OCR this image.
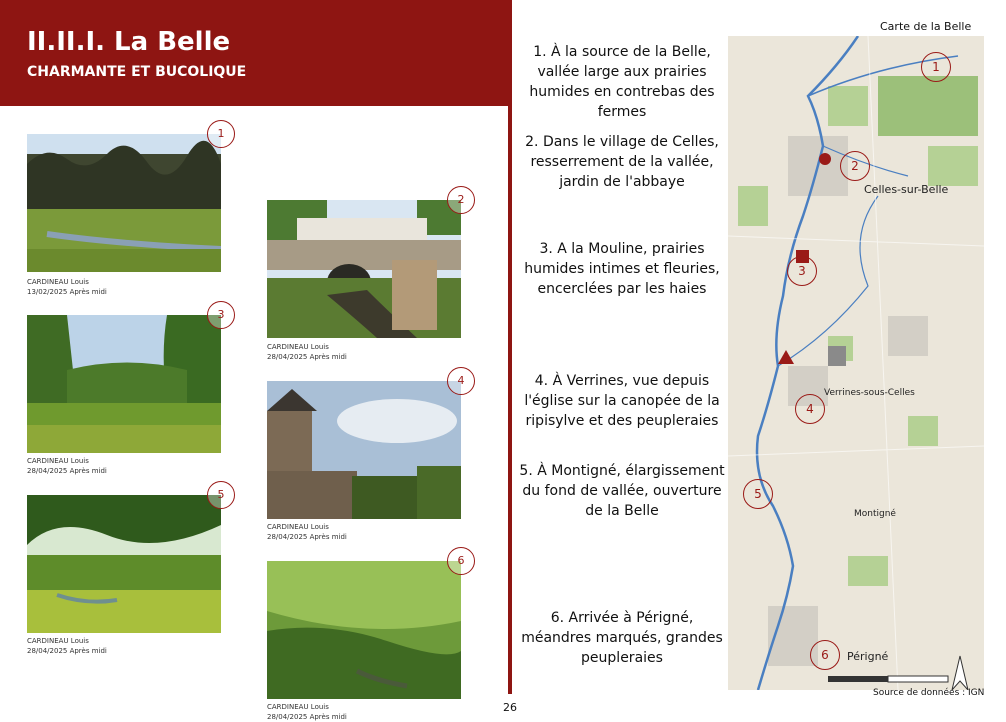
II.II.I. La Belle
CHARMANTE ET BUCOLIQUE
1
CARDINEAU Louis
13/02/2025 Après midi
2
CARDINEAU Louis
28/04/2025 Après midi
3
CARDINEAU Louis
28/04/2025 Après midi
4
CARDINEAU Louis
28/04/2025 Après midi
5
CARDINEAU Louis
28/04/2025 Après midi
6
CARDINEAU Louis
28/04/2025 Après midi
1. À la source de la Belle, vallée large aux prairies humides en contrebas des fermes
2. Dans le village de Celles, resserrement de la vallée, jardin de l'abbaye
3. A la Mouline, prairies humides intimes et fleuries, encerclées par les haies
4. À Verrines, vue depuis l'église sur la canopée de la ripisylve et des peupleraies
5. À Montigné, élargissement du fond de vallée, ouverture de la Belle
6. Arrivée à Périgné, méandres marqués, grandes peupleraies
Carte de la Belle
1
2
3
4
5
6
Celles-sur-Belle
Verrines-sous-Celles
Montigné
Périgné
Source de données : IGN
26
